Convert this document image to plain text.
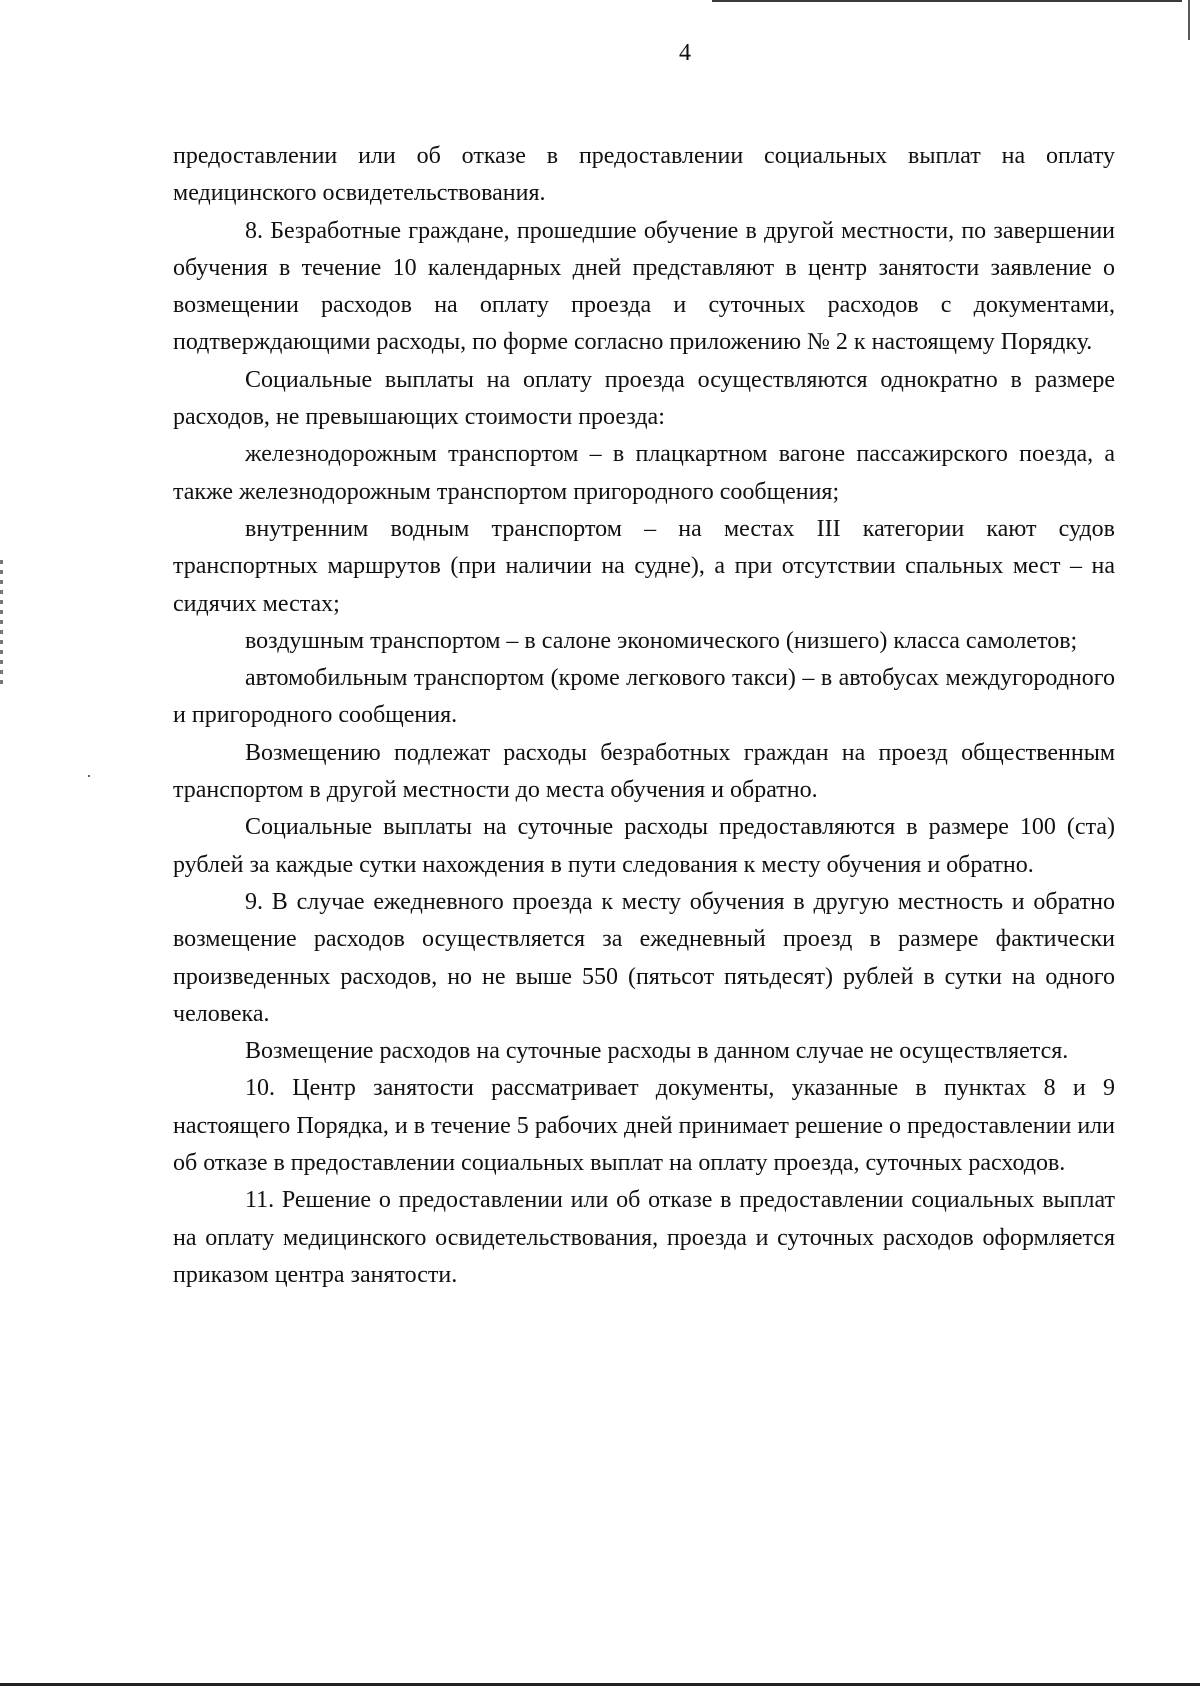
4

предоставлении или об отказе в предоставлении социальных выплат на оплату медицинского освидетельствования.

8. Безработные граждане, прошедшие обучение в другой местности, по завершении обучения в течение 10 календарных дней представляют в центр занятости заявление о возмещении расходов на оплату проезда и суточных расходов с документами, подтверждающими расходы, по форме согласно приложению № 2 к настоящему Порядку.

Социальные выплаты на оплату проезда осуществляются однократно в размере расходов, не превышающих стоимости проезда:

железнодорожным транспортом – в плацкартном вагоне пассажирского поезда, а также железнодорожным транспортом пригородного сообщения;

внутренним водным транспортом – на местах III категории кают судов транспортных маршрутов (при наличии на судне), а при отсутствии спальных мест – на сидячих местах;

воздушным транспортом – в салоне экономического (низшего) класса самолетов;

автомобильным транспортом (кроме легкового такси) – в автобусах междугородного и пригородного сообщения.

Возмещению подлежат расходы безработных граждан на проезд общественным транспортом в другой местности до места обучения и обратно.

Социальные выплаты на суточные расходы предоставляются в размере 100 (ста) рублей за каждые сутки нахождения в пути следования к месту обучения и обратно.

9. В случае ежедневного проезда к месту обучения в другую местность и обратно возмещение расходов осуществляется за ежедневный проезд в размере фактически произведенных расходов, но не выше 550 (пятьсот пятьдесят) рублей в сутки на одного человека.

Возмещение расходов на суточные расходы в данном случае не осуществляется.

10. Центр занятости рассматривает документы, указанные в пунктах 8 и 9 настоящего Порядка, и в течение 5 рабочих дней принимает решение о предоставлении или об отказе в предоставлении социальных выплат на оплату проезда, суточных расходов.

11. Решение о предоставлении или об отказе в предоставлении социальных выплат на оплату медицинского освидетельствования, проезда и суточных расходов оформляется приказом центра занятости.
